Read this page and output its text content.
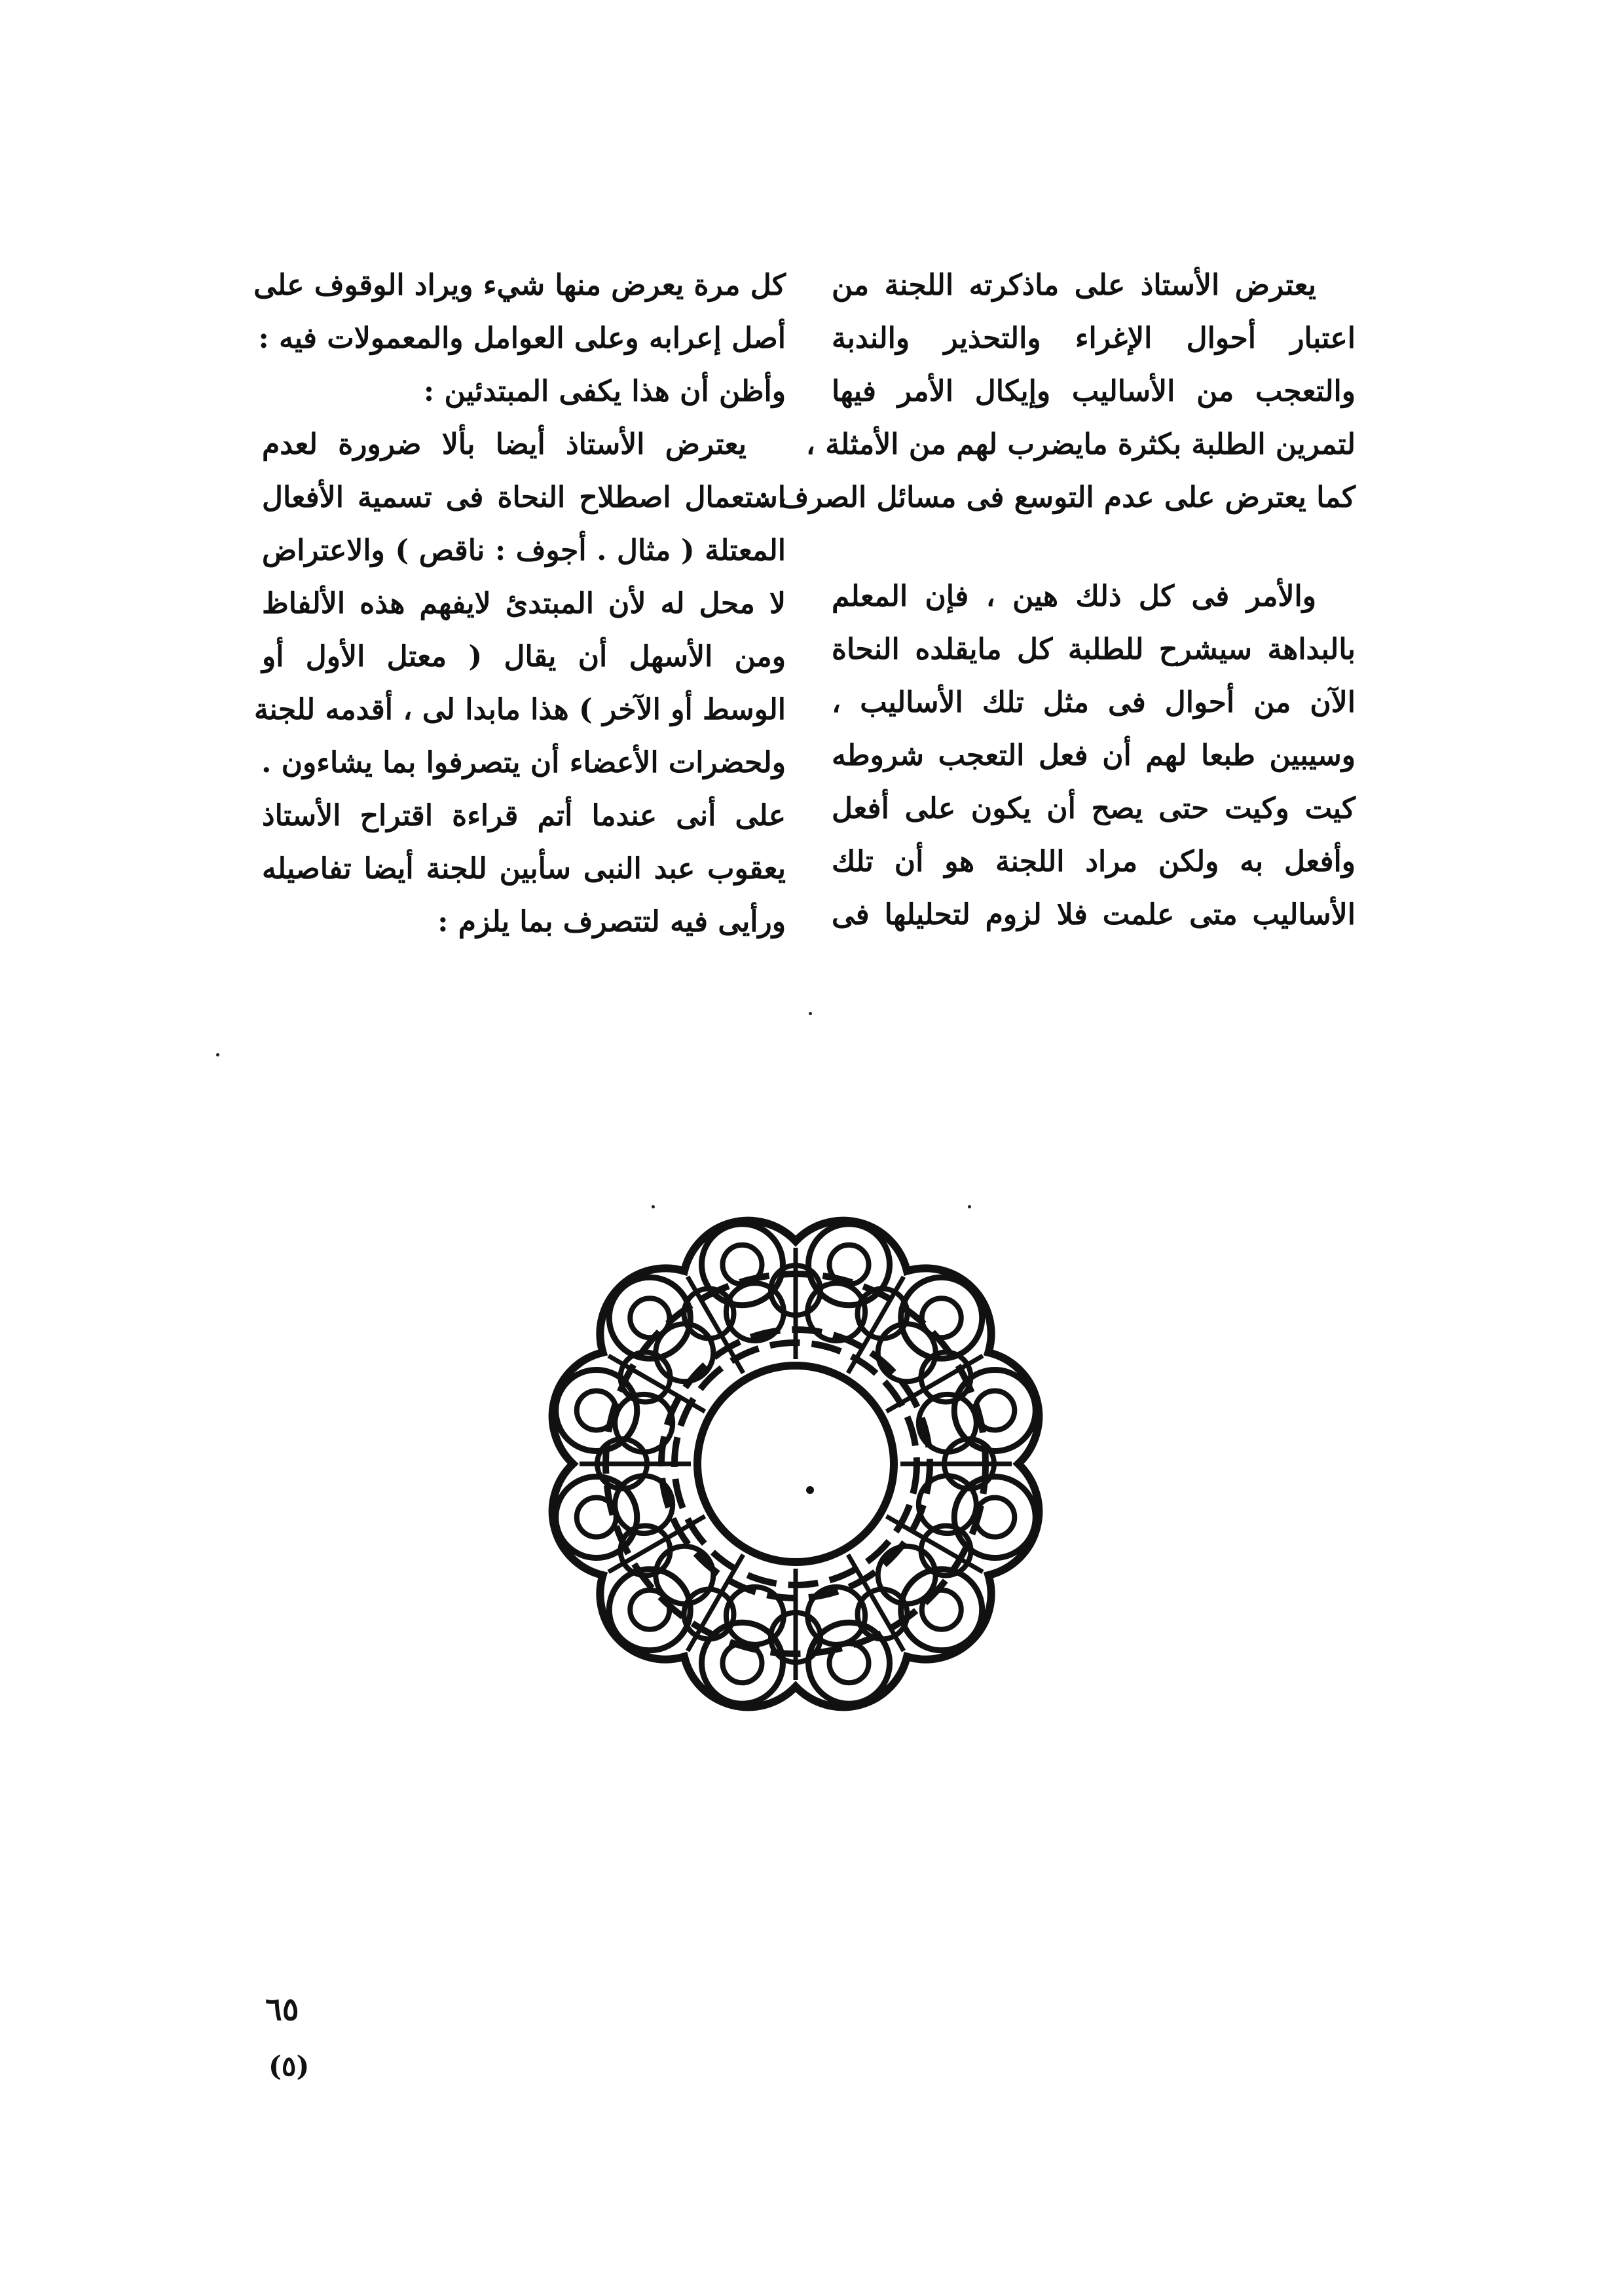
يعترض الأستاذ على ماذكرته اللجنة من

اعتبار أحوال الإغراء والتحذير والندبة

والتعجب من الأساليب وإيكال الأمر فيها

لتمرين الطلبة بكثرة مايضرب لهم من الأمثلة ،

كما يعترض على عدم التوسع فى مسائل الصرف :

والأمر فى كل ذلك هين ، فإن المعلم

بالبداهة سيشرح للطلبة كل مايقلده النحاة

الآن من أحوال فى مثل تلك الأساليب ،

وسيبين طبعا لهم أن فعل التعجب شروطه

كيت وكيت حتى يصح أن يكون على أفعل

وأفعل به ولكن مراد اللجنة هو أن تلك

الأساليب متى علمت فلا لزوم لتحليلها فى

كل مرة يعرض منها شيء ويراد الوقوف على

أصل إعرابه وعلى العوامل والمعمولات فيه :

وأظن أن هذا يكفى المبتدئين :

يعترض الأستاذ أيضا بألا ضرورة لعدم

استعمال اصطلاح النحاة فى تسمية الأفعال

المعتلة ( مثال . أجوف : ناقص ) والاعتراض

لا محل له لأن المبتدئ لايفهم هذه الألفاظ

ومن الأسهل أن يقال ( معتل الأول أو

الوسط أو الآخر ) هذا مابدا لى ، أقدمه للجنة

ولحضرات الأعضاء أن يتصرفوا بما يشاءون .

على أنى عندما أتم قراءة اقتراح الأستاذ

يعقوب عبد النبى سأبين للجنة أيضا تفاصيله

ورأيى فيه لتتصرف بما يلزم :

٦٥
(٥)
